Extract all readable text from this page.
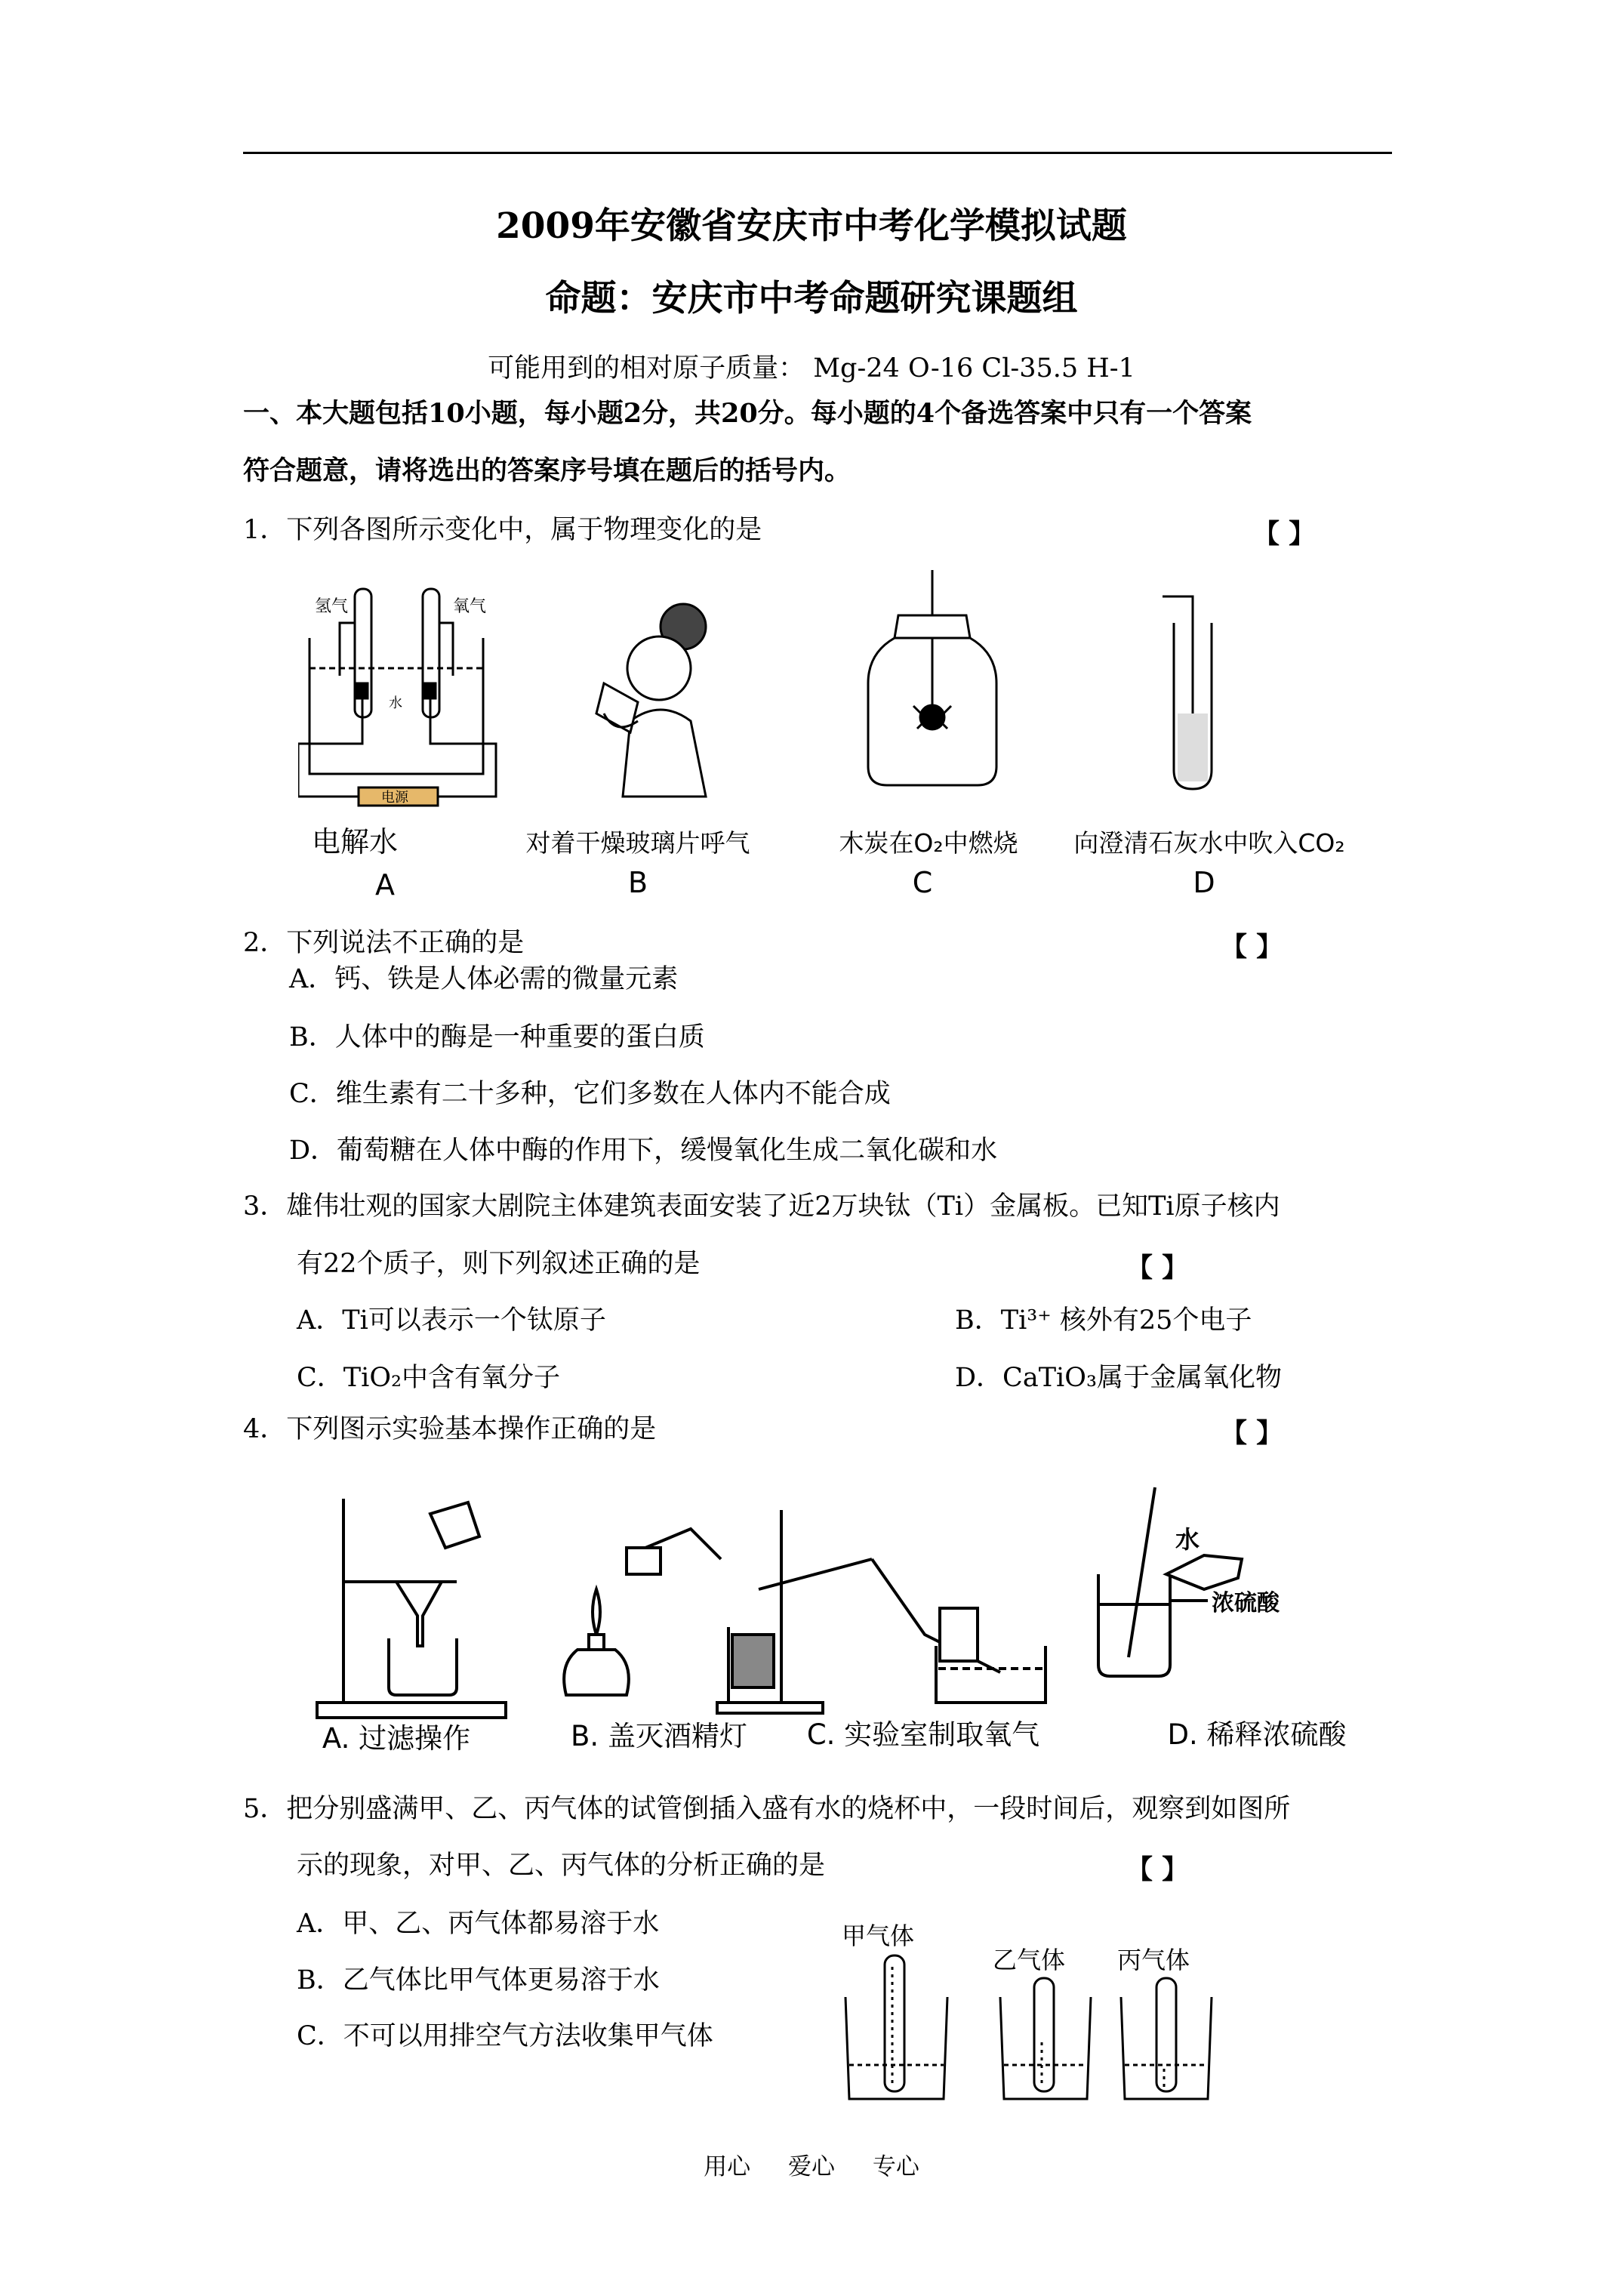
2009年安徽省安庆市中考化学模拟试题
命题：安庆市中考命题研究课题组
可能用到的相对原子质量： Mg-24 O-16 Cl-35.5 H-1
一、本大题包括10小题，每小题2分，共20分。每小题的4个备选答案中只有一个答案
符合题意，请将选出的答案序号填在题后的括号内。
1．下列各图所示变化中，属于物理变化的是	【 】
氢气	氧气
水
电源
电解水	对着干燥玻璃片呼气	木炭在O₂中燃烧 向澄清石灰水中吹入CO₂
A	B	C	D
2．下列说法不正确的是	【 】
A．钙、铁是人体必需的微量元素
B．人体中的酶是一种重要的蛋白质
C．维生素有二十多种，它们多数在人体内不能合成
D．葡萄糖在人体中酶的作用下，缓慢氧化生成二氧化碳和水
3．雄伟壮观的国家大剧院主体建筑表面安装了近2万块钛（Ti）金属板。已知Ti原子核内
有22个质子，则下列叙述正确的是	【 】
A．Ti可以表示一个钛原子	B．Ti³⁺ 核外有25个电子
C．TiO₂中含有氧分子	D．CaTiO₃属于金属氧化物
4．下列图示实验基本操作正确的是	【 】
水
浓硫酸
A. 过滤操作	B. 盖灭酒精灯 C. 实验室制取氧气	D. 稀释浓硫酸
5．把分别盛满甲、乙、丙气体的试管倒插入盛有水的烧杯中，一段时间后，观察到如图所
示的现象，对甲、乙、丙气体的分析正确的是	【 】
A．甲、乙、丙气体都易溶于水
B．乙气体比甲气体更易溶于水
C．不可以用排空气方法收集甲气体
甲气体
乙气体 丙气体
用心 爱心 专心
